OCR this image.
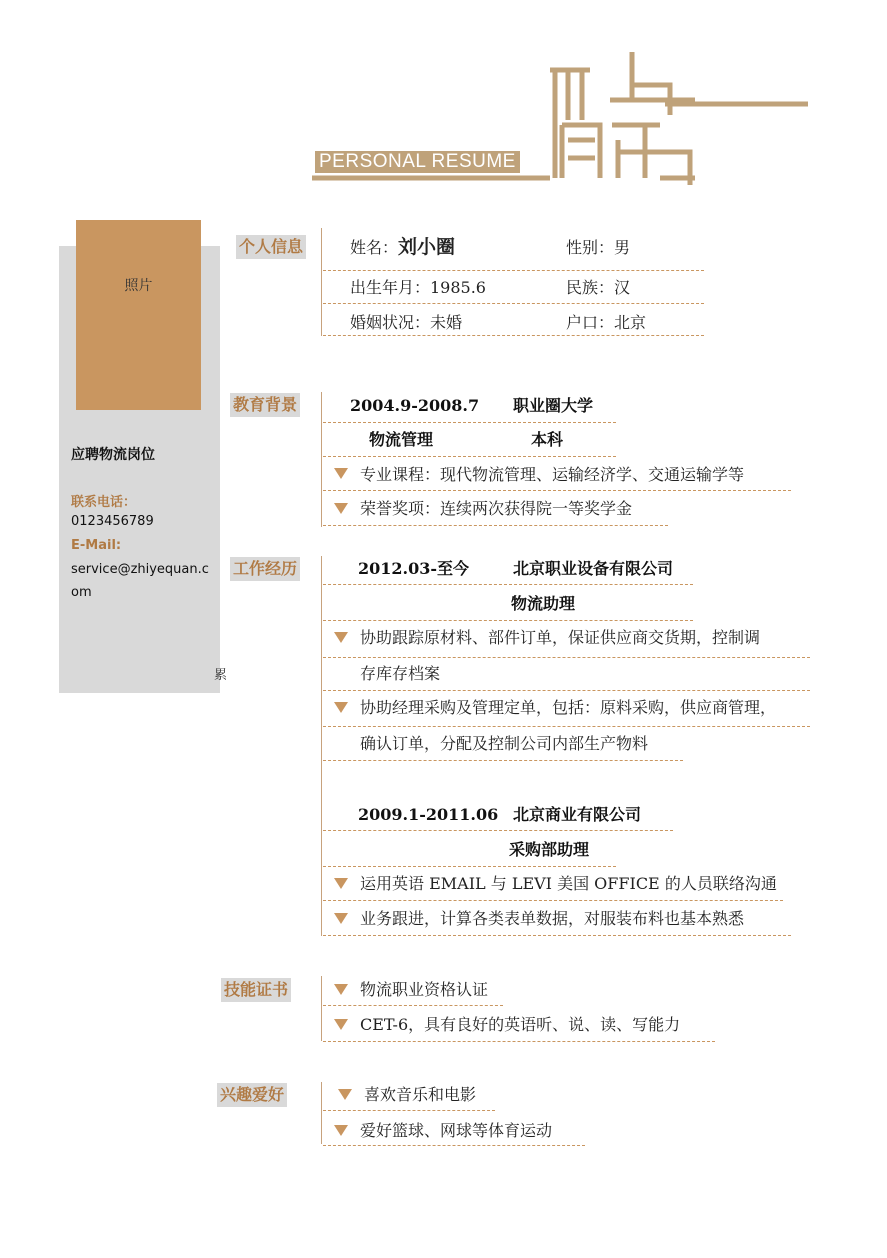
PERSONAL RESUME
照片
应聘物流岗位
联系电话：
0123456789
E-Mail:
service@zhiyequan.c
om
累
个人信息	姓名：刘小圈	性别：男
出生年月：1985.6	民族：汉
婚姻状况：未婚	户口：北京
教育背景	2004.9-2008.7 职业圈大学
物流管理	本科
专业课程：现代物流管理、运输经济学、交通运输学等
荣誉奖项：连续两次获得院一等奖学金
工作经历	2012.03-至今	北京职业设备有限公司
物流助理
协助跟踪原材料、部件订单，保证供应商交货期，控制调
存库存档案
协助经理采购及管理定单，包括：原料采购，供应商管理，
确认订单，分配及控制公司内部生产物料
2009.1-2011.06 北京商业有限公司
采购部助理
运用英语 EMAIL 与 LEVI 美国 OFFICE 的人员联络沟通
业务跟进，计算各类表单数据，对服装布料也基本熟悉
技能证书	物流职业资格认证
CET-6，具有良好的英语听、说、读、写能力
兴趣爱好	喜欢音乐和电影
爱好篮球、网球等体育运动
